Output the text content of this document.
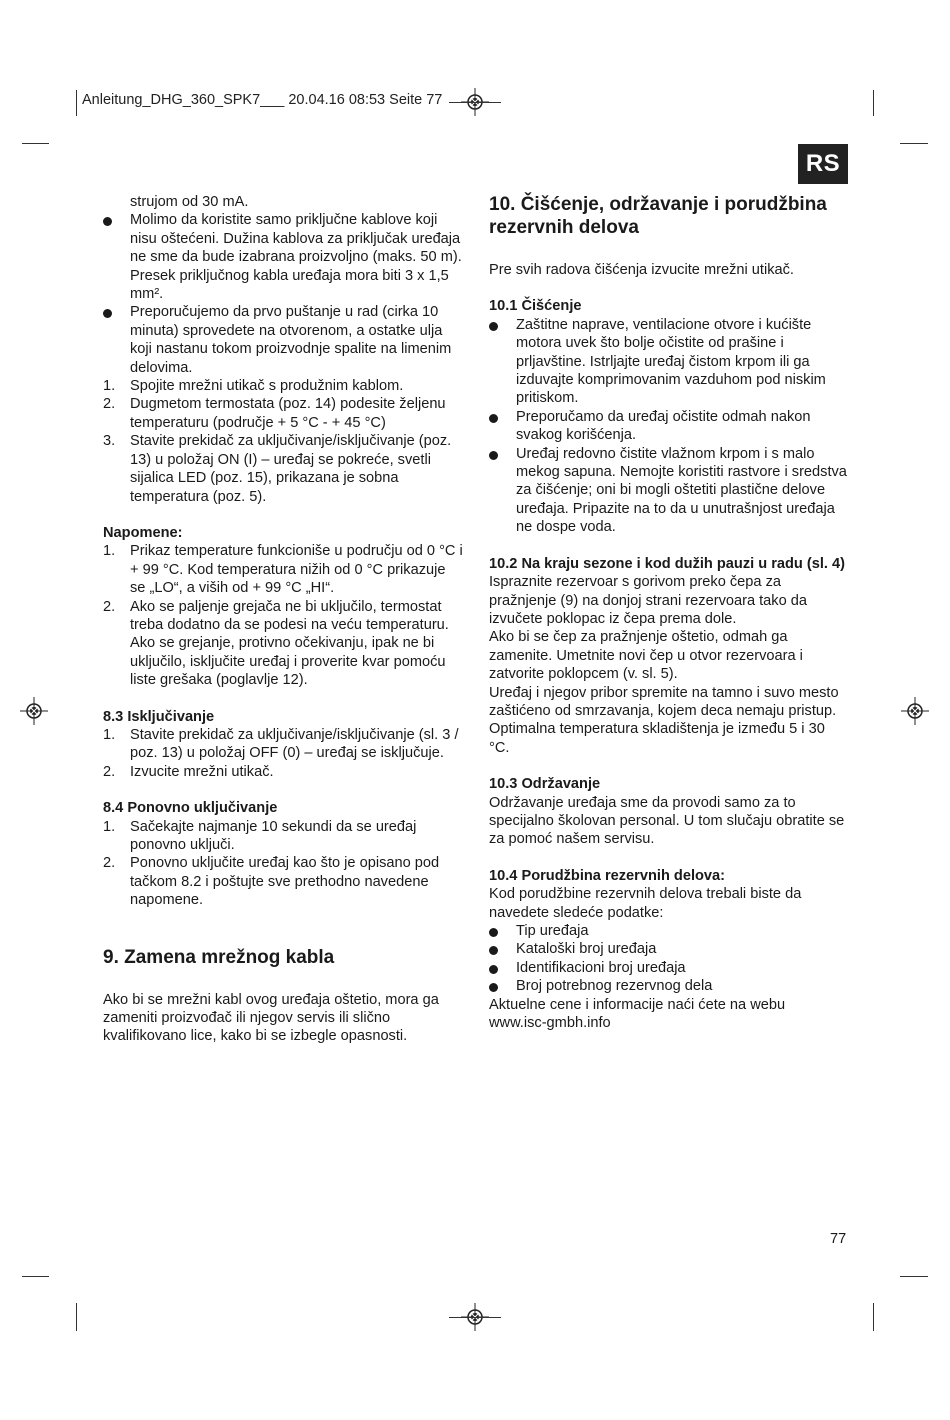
Anleitung_DHG_360_SPK7___ 20.04.16 08:53 Seite 77
RS

strujom od 30 mA.

Molimo da koristite samo priključne kablove koji nisu oštećeni. Dužina kablova za priključak uređaja ne sme da bude izabrana proizvoljno (maks. 50 m). Presek priključnog kabla uređaja mora biti 3 x 1,5 mm².
Preporučujemo da prvo puštanje u rad (cirka 10 minuta) sprovedete na otvorenom, a ostatke ulja koji nastanu tokom proizvodnje spalite na limenim delovima.
1. Spojite mrežni utikač s produžnim kablom.
2. Dugmetom termostata (poz. 14) podesite željenu temperaturu (područje + 5 °C - + 45 °C)
3. Stavite prekidač za uključivanje/isključivanje (poz. 13) u položaj ON (I) – uređaj se pokreće, svetli sijalica LED (poz. 15), prikazana je sobna temperatura (poz. 5).

Napomene:

1. Prikaz temperature funkcioniše u području od 0 °C i + 99 °C. Kod temperatura nižih od 0 °C prikazuje se „LO“, a viših od + 99 °C „HI“.
2. Ako se paljenje grejača ne bi uključilo, termostat treba dodatno da se podesi na veću temperaturu. Ako se grejanje, protivno očekivanju, ipak ne bi uključilo, isključite uređaj i proverite kvar pomoću liste grešaka (poglavlje 12).

8.3 Isključivanje

1. Stavite prekidač za uključivanje/isključivanje (sl. 3 / poz. 13) u položaj OFF (0) – uređaj se isključuje.
2. Izvucite mrežni utikač.

8.4 Ponovno uključivanje

1. Sačekajte najmanje 10 sekundi da se uređaj ponovno uključi.
2. Ponovno uključite uređaj kao što je opisano pod tačkom 8.2 i poštujte sve prethodno navedene napomene.

9. Zamena mrežnog kabla

Ako bi se mrežni kabl ovog uređaja oštetio, mora ga zameniti proizvođač ili njegov servis ili slično kvalifikovano lice, kako bi se izbegle opasnosti.

10. Čišćenje, održavanje i porudžbina rezervnih delova

Pre svih radova čišćenja izvucite mrežni utikač.

10.1 Čišćenje

Zaštitne naprave, ventilacione otvore i kućište motora uvek što bolje očistite od prašine i prljavštine. Istrljajte uređaj čistom krpom ili ga izduvajte komprimovanim vazduhom pod niskim pritiskom.
Preporučamo da uređaj očistite odmah nakon svakog korišćenja.
Uređaj redovno čistite vlažnom krpom i s malo mekog sapuna. Nemojte koristiti rastvore i sredstva za čišćenje; oni bi mogli oštetiti plastične delove uređaja. Pripazite na to da u unutrašnjost uređaja ne dospe voda.

10.2 Na kraju sezone i kod dužih pauzi u radu (sl. 4)

Ispraznite rezervoar s gorivom preko čepa za pražnjenje (9) na donjoj strani rezervoara tako da izvučete poklopac iz čepa prema dole.

Ako bi se čep za pražnjenje oštetio, odmah ga zamenite. Umetnite novi čep u otvor rezervoara i zatvorite poklopcem (v. sl. 5).

Uređaj i njegov pribor spremite na tamno i suvo mesto zaštićeno od smrzavanja, kojem deca nemaju pristup. Optimalna temperatura skladištenja je između 5 i 30 °C.

10.3 Održavanje

Održavanje uređaja sme da provodi samo za to specijalno školovan personal. U tom slučaju obratite se za pomoć našem servisu.

10.4 Porudžbina rezervnih delova:

Kod porudžbine rezervnih delova trebali biste da navedete sledeće podatke:

Tip uređaja
Kataloški broj uređaja
Identifikacioni broj uređaja
Broj potrebnog rezervnog dela

Aktuelne cene i informacije naći ćete na webu

www.isc-gmbh.info

77
